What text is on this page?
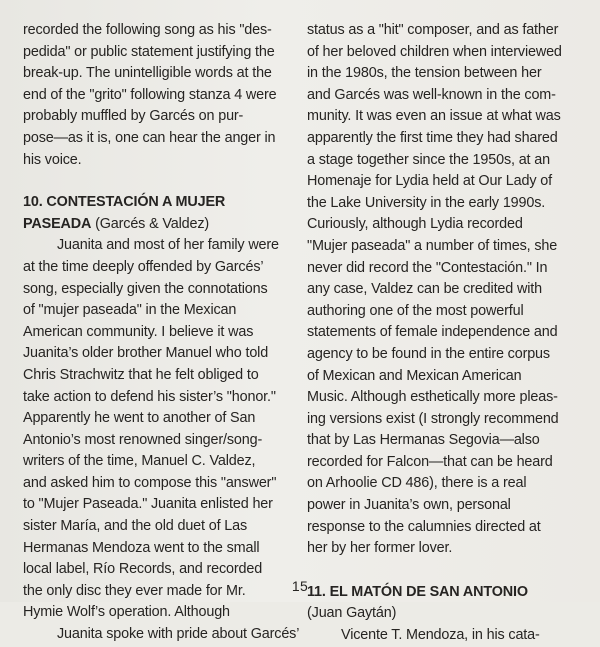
recorded the following song as his "des-
pedida" or public statement justifying the
break-up. The unintelligible words at the
end of the "grito" following stanza 4 were
probably muffled by Garcés on pur-
pose—as it is, one can hear the anger in
his voice.
10. CONTESTACIÓN A MUJER
PASEADA (Garcés & Valdez)
Juanita and most of her family were
at the time deeply offended by Garcés’
song, especially given the connotations
of "mujer paseada" in the Mexican
American community. I believe it was
Juanita’s older brother Manuel who told
Chris Strachwitz that he felt obliged to
take action to defend his sister’s "honor."
Apparently he went to another of San
Antonio’s most renowned singer/song-
writers of the time, Manuel C. Valdez,
and asked him to compose this "answer"
to "Mujer Paseada." Juanita enlisted her
sister María, and the old duet of Las
Hermanas Mendoza went to the small
local label, Río Records, and recorded
the only disc they ever made for Mr.
Hymie Wolf’s operation. Although
Juanita spoke with pride about Garcés’
status as a "hit" composer, and as father
of her beloved children when interviewed
in the 1980s, the tension between her
and Garcés was well-known in the com-
munity. It was even an issue at what was
apparently the first time they had shared
a stage together since the 1950s, at an
Homenaje for Lydia held at Our Lady of
the Lake University in the early 1990s.
Curiously, although Lydia recorded
"Mujer paseada" a number of times, she
never did record the "Contestación." In
any case, Valdez can be credited with
authoring one of the most powerful
statements of female independence and
agency to be found in the entire corpus
of Mexican and Mexican American
Music. Although esthetically more pleas-
ing versions exist (I strongly recommend
that by Las Hermanas Segovia—also
recorded for Falcon—that can be heard
on Arhoolie CD 486), there is a real
power in Juanita’s own, personal
response to the calumnies directed at
her by her former lover.
11. EL MATÓN DE SAN ANTONIO
(Juan Gaytán)
Vicente T. Mendoza, in his cata-
15
